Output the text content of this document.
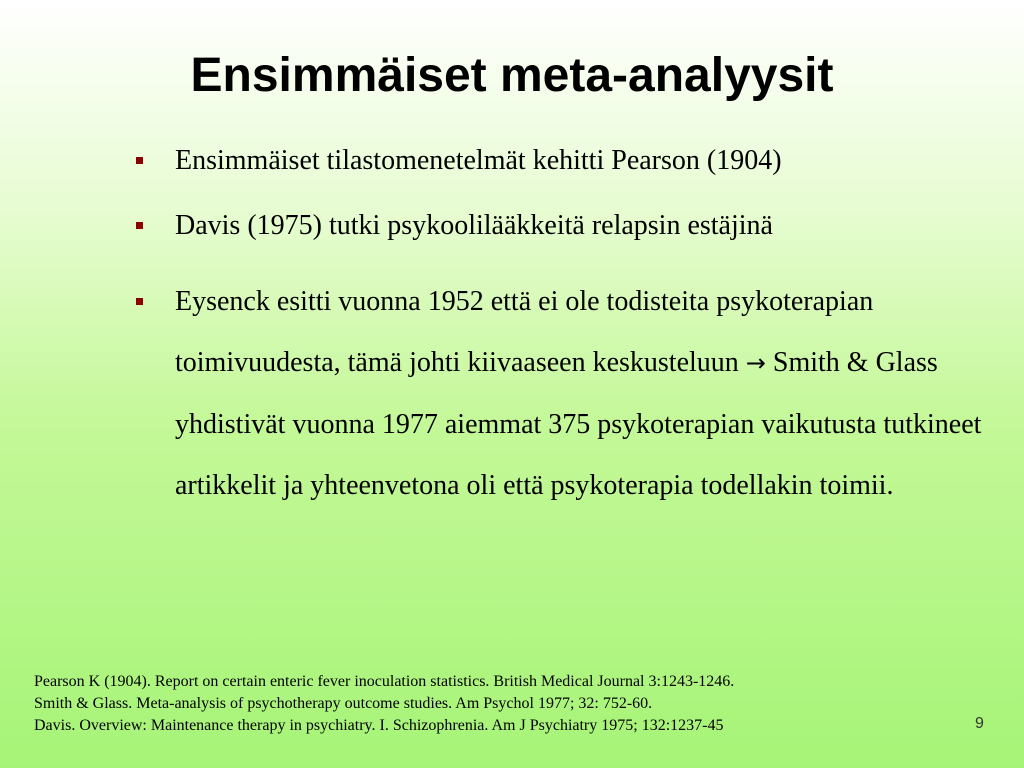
Ensimmäiset meta-analyysit
Ensimmäiset tilastomenetelmät kehitti Pearson (1904)
Davis (1975) tutki psykoolilääkkeitä relapsin estäjinä
Eysenck esitti vuonna 1952 että ei ole todisteita psykoterapian toimivuudesta, tämä johti kiivaaseen keskusteluun → Smith & Glass yhdistivät vuonna 1977 aiemmat 375 psykoterapian vaikutusta tutkineet artikkelit ja yhteenvetona oli että psykoterapia todellakin toimii.
Pearson K (1904). Report on certain enteric fever inoculation statistics. British Medical Journal 3:1243-1246.
Smith & Glass. Meta-analysis of psychotherapy outcome studies. Am Psychol 1977; 32: 752-60.
Davis. Overview: Maintenance therapy in psychiatry. I. Schizophrenia. Am J Psychiatry 1975; 132:1237-45	9
